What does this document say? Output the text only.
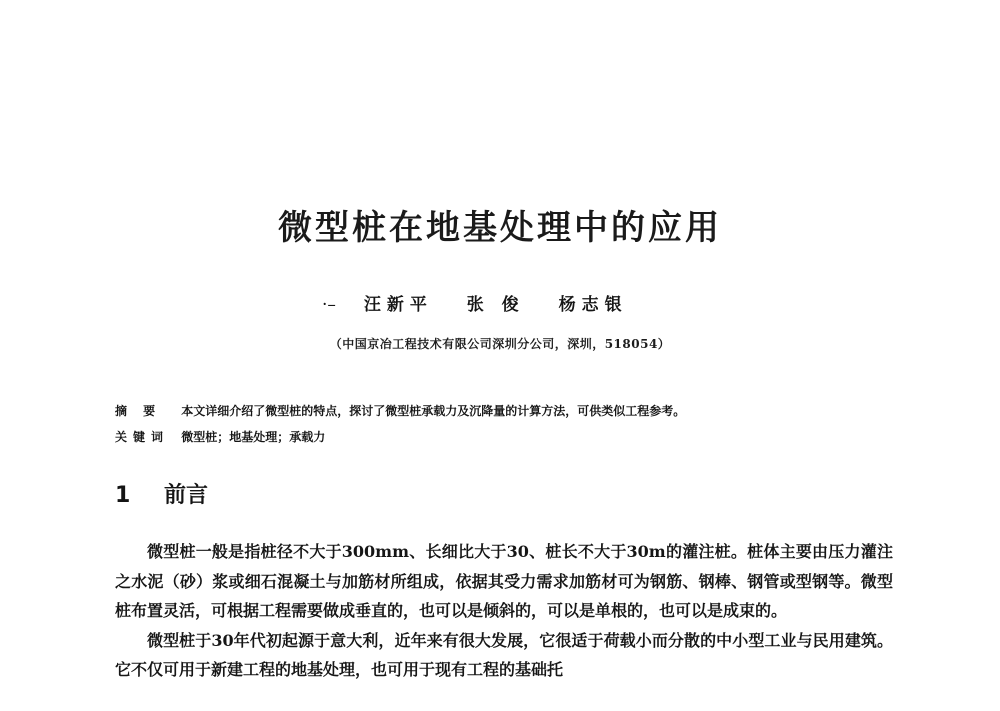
微型桩在地基处理中的应用
·– 汪新平 张 俊 杨志银
（中国京冶工程技术有限公司深圳分公司，深圳，518054）
摘 要 本文详细介绍了微型桩的特点，探讨了微型桩承载力及沉降量的计算方法，可供类似工程参考。
关键词 微型桩；地基处理；承载力
1 前言

微型桩一般是指桩径不大于300mm、长细比大于30、桩长不大于30m的灌注桩。桩体主要由压力灌注之水泥（砂）浆或细石混凝土与加筋材所组成，依据其受力需求加筋材可为钢筋、钢棒、钢管或型钢等。微型桩布置灵活，可根据工程需要做成垂直的，也可以是倾斜的，可以是单根的，也可以是成束的。

微型桩于30年代初起源于意大利，近年来有很大发展，它很适于荷载小而分散的中小型工业与民用建筑。它不仅可用于新建工程的地基处理，也可用于现有工程的基础托
